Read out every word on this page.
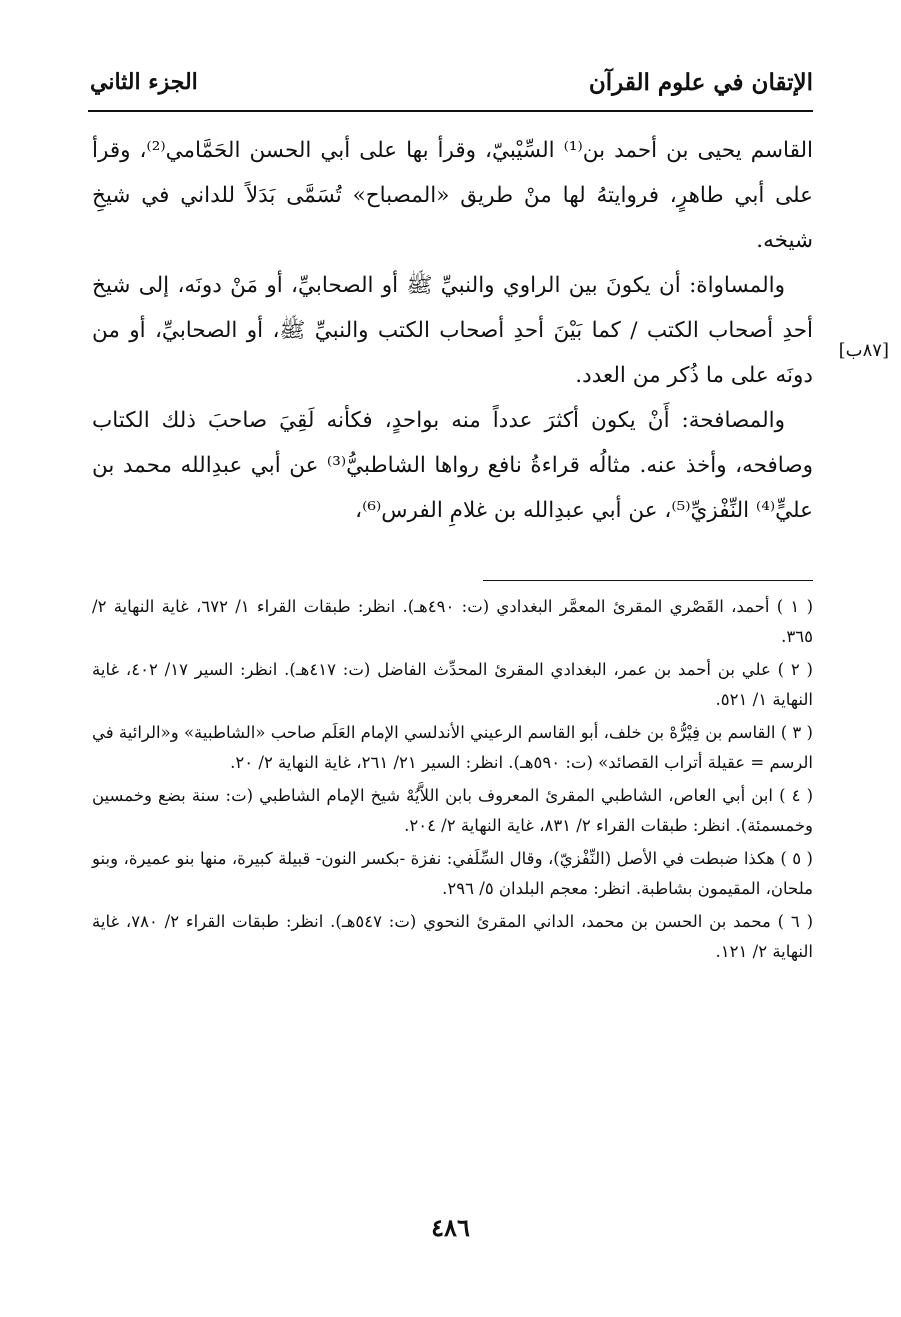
الإتقان في علوم القرآن
الجزء الثاني
[٨٧ب]

القاسم يحيى بن أحمد بن⁽¹⁾ السِّيْبيّ، وقرأ بها على أبي الحسن الحَمَّامي⁽²⁾، وقرأ على أبي طاهرٍ، فروايتهُ لها منْ طريق «المصباح» تُسَمَّى بَدَلاً للداني في شيخِ شيخه.

والمساواة: أن يكونَ بين الراوي والنبيِّ ﷺ أو الصحابيِّ، أو مَنْ دونَه، إلى شيخ أحدِ أصحاب الكتب / كما بَيْنَ أحدِ أصحاب الكتب والنبيِّ ﷺ، أو الصحابيِّ، أو من دونَه على ما ذُكر من العدد.

والمصافحة: أَنْ يكون أكثرَ عدداً منه بواحدٍ، فكأنه لَقِيَ صاحبَ ذلك الكتاب وصافحه، وأخذ عنه. مثالُه قراءةُ نافع رواها الشاطبيُّ⁽³⁾ عن أبي عبدِالله محمد بن عليٍّ⁽⁴⁾ النِّفْزيِّ⁽⁵⁾، عن أبي عبدِالله بن غلامِ الفرس⁽⁶⁾،

( ١ ) أحمد، القَصْري المقرئ المعمَّر البغدادي (ت: ٤٩٠هـ). انظر: طبقات القراء ١/ ٦٧٢، غاية النهاية ٢/ ٣٦٥.

( ٢ ) علي بن أحمد بن عمر، البغدادي المقرئ المحدِّث الفاضل (ت: ٤١٧هـ). انظر: السير ١٧/ ٤٠٢، غاية النهاية ١/ ٥٢١.

( ٣ ) القاسم بن فِيْرُّهْ بن خلف، أبو القاسم الرعيني الأندلسي الإمام العَلَم صاحب «الشاطبية» و«الرائية في الرسم = عقيلة أتراب القصائد» (ت: ٥٩٠هـ). انظر: السير ٢١/ ٢٦١، غاية النهاية ٢/ ٢٠.

( ٤ ) ابن أبي العاص، الشاطبي المقرئ المعروف بابن اللاَّيُهْ شيخ الإمام الشاطبي (ت: سنة بضع وخمسين وخمسمئة). انظر: طبقات القراء ٢/ ٨٣١، غاية النهاية ٢/ ٢٠٤.

( ٥ ) هكذا ضبطت في الأصل (النِّفْزيّ)، وقال السِّلَفي: نفزة -بكسر النون- قبيلة كبيرة، منها بنو عميرة، وبنو ملحان، المقيمون بشاطبة. انظر: معجم البلدان ٥/ ٢٩٦.

( ٦ ) محمد بن الحسن بن محمد، الداني المقرئ النحوي (ت: ٥٤٧هـ). انظر: طبقات القراء ٢/ ٧٨٠، غاية النهاية ٢/ ١٢١.

٤٨٦
